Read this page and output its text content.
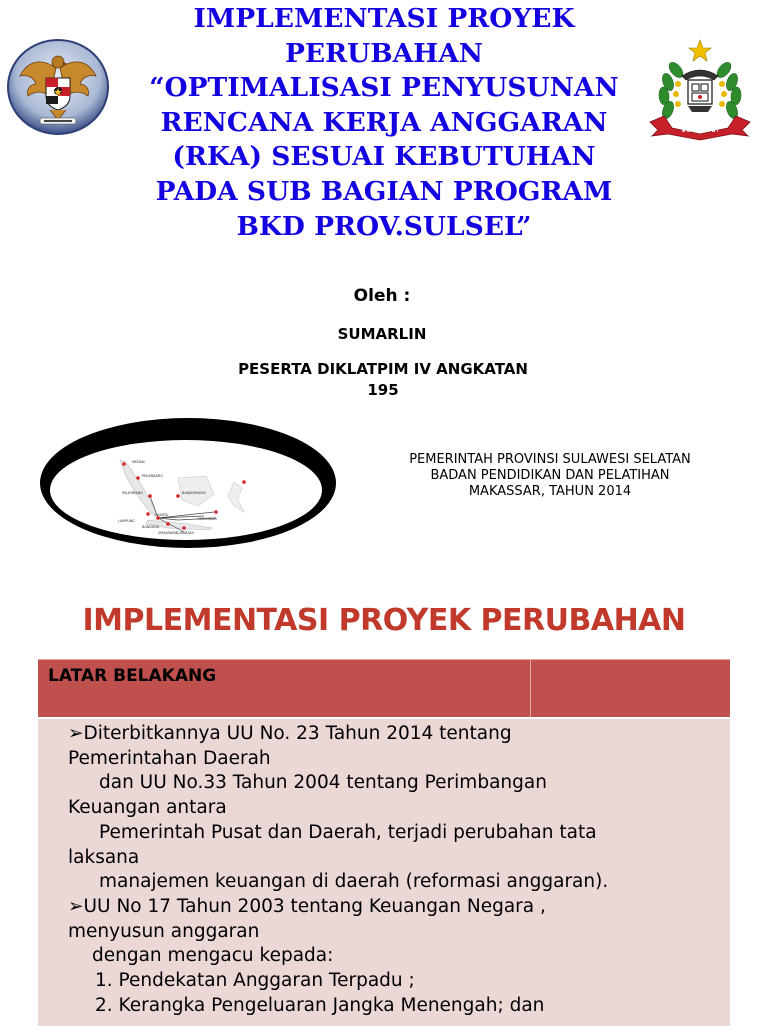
IMPLEMENTASI PROYEK
PERUBAHAN
“OPTIMALISASI PENYUSUNAN
RENCANA KERJA ANGGARAN
(RKA) SESUAI KEBUTUHAN
PADA SUB BAGIAN PROGRAM
BKD PROV.SULSEL”
Oleh :
SUMARLIN
PESERTA DIKLATPIM IV ANGKATAN
195
MEDAN
PEKANBARU
PALEMBANG
LAMPUNG
JAKARTA
BANDUNG
SEMARANG
SURABAYA
BANJARMASIN
MAKASSAR
PEMERINTAH PROVINSI SULAWESI SELATAN
BADAN PENDIDIKAN DAN PELATIHAN
MAKASSAR, TAHUN 2014
IMPLEMENTASI PROYEK PERUBAHAN
LATAR BELAKANG
➢Diterbitkannya UU No. 23 Tahun 2014 tentang
Pemerintahan Daerah
dan UU No.33 Tahun 2004 tentang Perimbangan
Keuangan antara
Pemerintah Pusat dan Daerah, terjadi perubahan tata
laksana
manajemen keuangan di daerah (reformasi anggaran).
➢UU No 17 Tahun 2003 tentang Keuangan Negara ,
menyusun anggaran
dengan mengacu kepada:
1. Pendekatan Anggaran Terpadu ;
2. Kerangka Pengeluaran Jangka Menengah; dan
